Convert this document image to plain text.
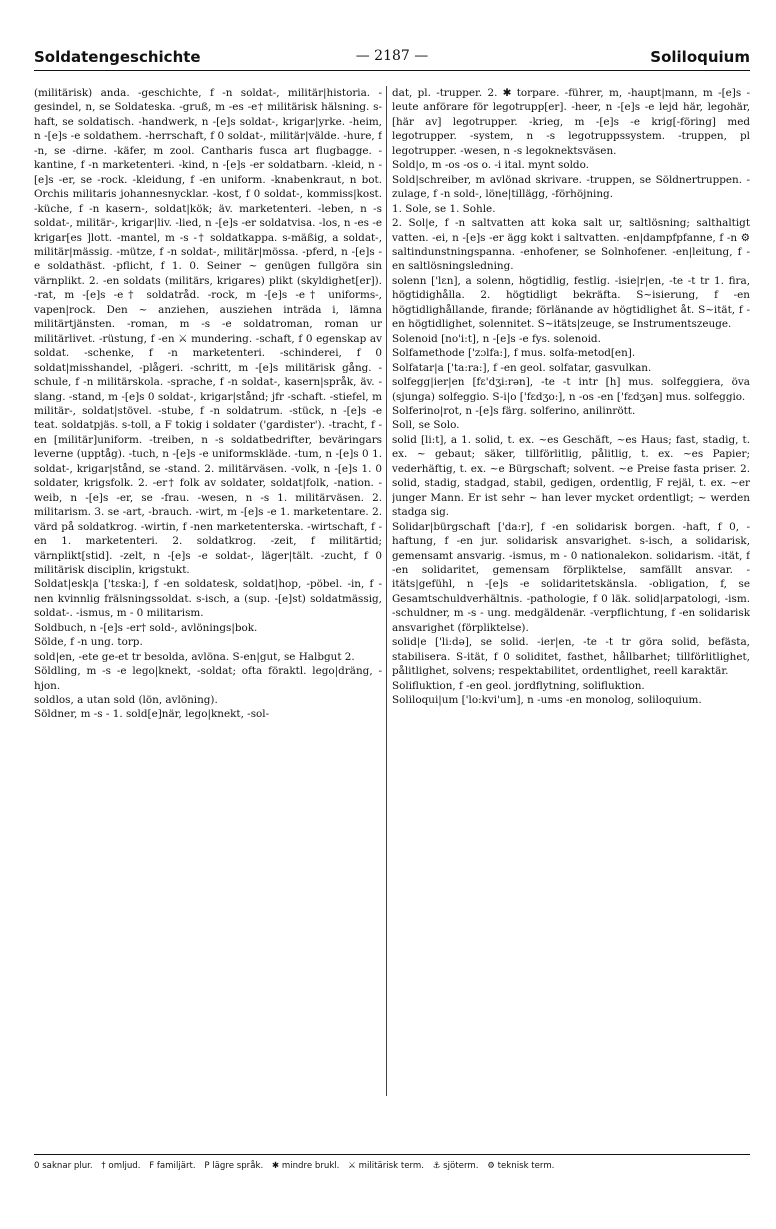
Soldatengeschichte	— 2187 —	Soliloquium

(militärisk) anda. -geschichte, f -n soldat-, militär|historia. -gesindel, n, se Soldateska. -gruß, m -es -e† militärisk hälsning. s-haft, se soldatisch. -handwerk, n -[e]s soldat-, krigar|yrke. -heim, n -[e]s -e soldathem. -herrschaft, f 0 soldat-, militär|välde. -hure, f -n, se -dirne. -käfer, m zool. Cantharis fusca art flugbagge. -kantine, f -n marketenteri. -kind, n -[e]s -er soldatbarn. -kleid, n -[e]s -er, se -rock. -kleidung, f -en uniform. -knabenkraut, n bot. Orchis militaris johannesnycklar. -kost, f 0 soldat-, kommiss|kost. -küche, f -n kasern-, soldat|kök; äv. marketenteri. -leben, n -s soldat-, militär-, krigar|liv. -lied, n -[e]s -er soldatvisa. -los, n -es -e krigar[es ]lott. -mantel, m -s -† soldatkappa. s-mäßig, a soldat-, militär|mässig. -mütze, f -n soldat-, militär|mössa. -pferd, n -[e]s -e soldathäst. -pflicht, f 1. 0. Seiner ~ genügen fullgöra sin värnplikt. 2. -en soldats (militärs, krigares) plikt (skyldighet[er]). -rat, m -[e]s -e† soldatråd. -rock, m -[e]s -e† uniforms-, vapen|rock. Den ~ anziehen, ausziehen inträda i, lämna militärtjänsten. -roman, m -s -e soldatroman, roman ur militärlivet. -rüstung, f -en ⚔ mundering. -schaft, f 0 egenskap av soldat. -schenke, f -n marketenteri. -schinderei, f 0 soldat|misshandel, -plågeri. -schritt, m -[e]s militärisk gång. -schule, f -n militärskola. -sprache, f -n soldat-, kasern|språk, äv. -slang. -stand, m -[e]s 0 soldat-, krigar|stånd; jfr -schaft. -stiefel, m militär-, soldat|stövel. -stube, f -n soldatrum. -stück, n -[e]s -e teat. soldatpjäs. s-toll, a F tokig i soldater ('gardister'). -tracht, f -en [militär]uniform. -treiben, n -s soldatbedrifter, beväringars leverne (upptåg). -tuch, n -[e]s -e uniformskläde. -tum, n -[e]s 0 1. soldat-, krigar|stånd, se -stand. 2. militärväsen. -volk, n -[e]s 1. 0 soldater, krigsfolk. 2. -er† folk av soldater, soldat|folk, -nation. -weib, n -[e]s -er, se -frau. -wesen, n -s 1. militärväsen. 2. militarism. 3. se -art, -brauch. -wirt, m -[e]s -e 1. marketentare. 2. värd på soldatkrog. -wirtin, f -nen marketenterska. -wirtschaft, f -en 1. marketenteri. 2. soldatkrog. -zeit, f militärtid; värnplikt[stid]. -zelt, n -[e]s -e soldat-, läger|tält. -zucht, f 0 militärisk disciplin, krigstukt.

Soldat|esk|a ['tɛska:], f -en soldatesk, soldat|hop, -pöbel. -in, f -nen kvinnlig frälsningssoldat. s-isch, a (sup. -[e]st) soldatmässig, soldat-. -ismus, m - 0 militarism.

Soldbuch, n -[e]s -er† sold-, avlönings|bok.

Sölde, f -n ung. torp.

sold|en, -ete ge-et tr besolda, avlöna. S-en|gut, se Halbgut 2.

Söldling, m -s -e lego|knekt, -soldat; ofta föraktl. lego|dräng, -hjon.

soldlos, a utan sold (lön, avlöning).

Söldner, m -s - 1. sold[e]när, lego|knekt, -sol-

dat, pl. -trupper. 2. ✱ torpare. -führer, m, -haupt|mann, m -[e]s -leute anförare för legotrupp[er]. -heer, n -[e]s -e lejd här, legohär, [här av] legotrupper. -krieg, m -[e]s -e krig[-föring] med legotrupper. -system, n -s legotruppssystem. -truppen, pl legotrupper. -wesen, n -s legoknektsväsen.

Sold|o, m -os -os o. -i ital. mynt soldo.

Sold|schreiber, m avlönad skrivare. -truppen, se Söldnertruppen. -zulage, f -n sold-, löne|tillägg, -förhöjning.

1. Sole, se 1. Sohle.

2. Sol|e, f -n saltvatten att koka salt ur, saltlösning; salthaltigt vatten. -ei, n -[e]s -er ägg kokt i saltvatten. -en|dampfpfanne, f -n ⚙ saltindunstningspanna. -enhofener, se Solnhofener. -en|leitung, f -en saltlösningsledning.

solenn ['lɛn], a solenn, högtidlig, festlig. -isie|r|en, -te -t tr 1. fira, högtidighålla. 2. högtidligt bekräfta. S~isierung, f -en högtidlighållande, firande; förlänande av högtidlighet åt. S~ität, f -en högtidlighet, solennitet. S~itäts|zeuge, se Instrumentszeuge.

Solenoid [no'i:t], n -[e]s -e fys. solenoid.

Solfamethode ['zɔlfa:], f mus. solfa-metod[en].

Solfatar|a ['ta:ra:], f -en geol. solfatar, gasvulkan.

solfegg|ier|en [fɛ'dʒi:rən], -te -t intr [h] mus. solfeggiera, öva (sjunga) solfeggio. S-i|o ['fɛdʒo:], n -os -en ['fɛdʒən] mus. solfeggio.

Solferino|rot, n -[e]s färg. solferino, anilinrött.

Soll, se Solo.

solid [li:t], a 1. solid, t. ex. ~es Geschäft, ~es Haus; fast, stadig, t. ex. ~ gebaut; säker, tillförlitlig, pålitlig, t. ex. ~es Papier; vederhäftig, t. ex. ~e Bürgschaft; solvent. ~e Preise fasta priser. 2. solid, stadig, stadgad, stabil, gedigen, ordentlig, F rejäl, t. ex. ~er junger Mann. Er ist sehr ~ han lever mycket ordentligt; ~ werden stadga sig.

Solidar|bürgschaft ['da:r], f -en solidarisk borgen. -haft, f 0, -haftung, f -en jur. solidarisk ansvarighet. s-isch, a solidarisk, gemensamt ansvarig. -ismus, m - 0 nationalekon. solidarism. -ität, f -en solidaritet, gemensam förpliktelse, samfällt ansvar. -itäts|gefühl, n -[e]s -e solidaritetskänsla. -obligation, f, se Gesamtschuldverhältnis. -pathologie, f 0 läk. solid|arpatologi, -ism. -schuldner, m -s - ung. medgäldenär. -verpflichtung, f -en solidarisk ansvarighet (förpliktelse).

solid|e ['li:də], se solid. -ier|en, -te -t tr göra solid, befästa, stabilisera. S-ität, f 0 soliditet, fasthet, hållbarhet; tillförlitlighet, pålitlighet, solvens; respektabilitet, ordentlighet, reell karaktär.

Solifluktion, f -en geol. jordflytning, solifluktion.

Soliloqui|um ['lo:kvi'um], n -ums -en monolog, soliloquium.

0 saknar plur. † omljud. F familjärt. P lägre språk. ✱ mindre brukl. ⚔ militärisk term. ⚓ sjöterm. ⚙ teknisk term.
